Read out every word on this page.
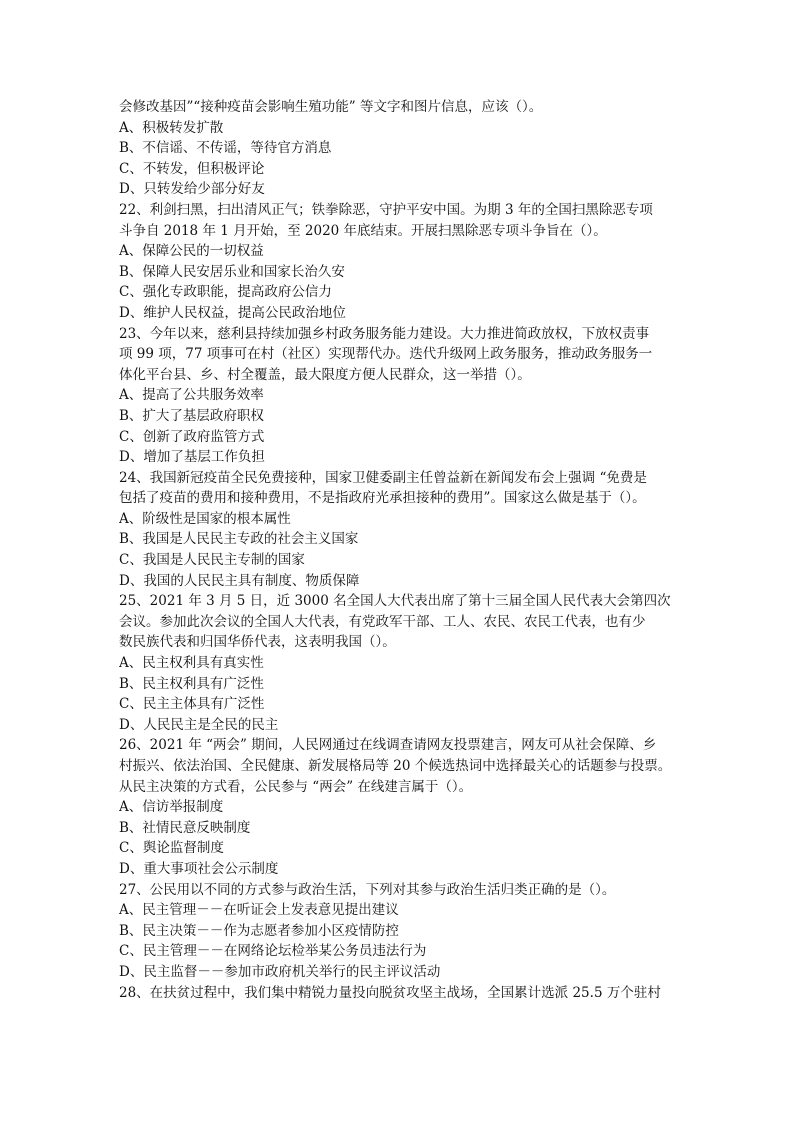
会修改基因”“接种疫苗会影响生殖功能” 等文字和图片信息，应该（）。
A、积极转发扩散
B、不信谣、不传谣，等待官方消息
C、不转发，但积极评论
D、只转发给少部分好友
22、利剑扫黑，扫出清风正气；铁拳除恶，守护平安中国。为期 3 年的全国扫黑除恶专项
斗争自 2018 年 1 月开始，至 2020 年底结束。开展扫黑除恶专项斗争旨在（）。
A、保障公民的一切权益
B、保障人民安居乐业和国家长治久安
C、强化专政职能，提高政府公信力
D、维护人民权益，提高公民政治地位
23、今年以来，慈利县持续加强乡村政务服务能力建设。大力推进简政放权，下放权责事
项 99 项，77 项事可在村（社区）实现帮代办。迭代升级网上政务服务，推动政务服务一
体化平台县、乡、村全覆盖，最大限度方便人民群众，这一举措（）。
A、提高了公共服务效率
B、扩大了基层政府职权
C、创新了政府监管方式
D、增加了基层工作负担
24、我国新冠疫苗全民免费接种，国家卫健委副主任曾益新在新闻发布会上强调 “免费是
包括了疫苗的费用和接种费用，不是指政府光承担接种的费用”。国家这么做是基于（）。
A、阶级性是国家的根本属性
B、我国是人民民主专政的社会主义国家
C、我国是人民民主专制的国家
D、我国的人民民主具有制度、物质保障
25、2021 年 3 月 5 日，近 3000 名全国人大代表出席了第十三届全国人民代表大会第四次
会议。参加此次会议的全国人大代表，有党政军干部、工人、农民、农民工代表，也有少
数民族代表和归国华侨代表，这表明我国（）。
A、民主权利具有真实性
B、民主权利具有广泛性
C、民主主体具有广泛性
D、人民民主是全民的民主
26、2021 年 “两会” 期间，人民网通过在线调查请网友投票建言，网友可从社会保障、乡
村振兴、依法治国、全民健康、新发展格局等 20 个候选热词中选择最关心的话题参与投票。
从民主决策的方式看，公民参与 “两会” 在线建言属于（）。
A、信访举报制度
B、社情民意反映制度
C、舆论监督制度
D、重大事项社会公示制度
27、公民用以不同的方式参与政治生活，下列对其参与政治生活归类正确的是（）。
A、民主管理－－在听证会上发表意见提出建议
B、民主决策－－作为志愿者参加小区疫情防控
C、民主管理－－在网络论坛检举某公务员违法行为
D、民主监督－－参加市政府机关举行的民主评议活动
28、在扶贫过程中，我们集中精锐力量投向脱贫攻坚主战场，全国累计选派 25.5 万个驻村
